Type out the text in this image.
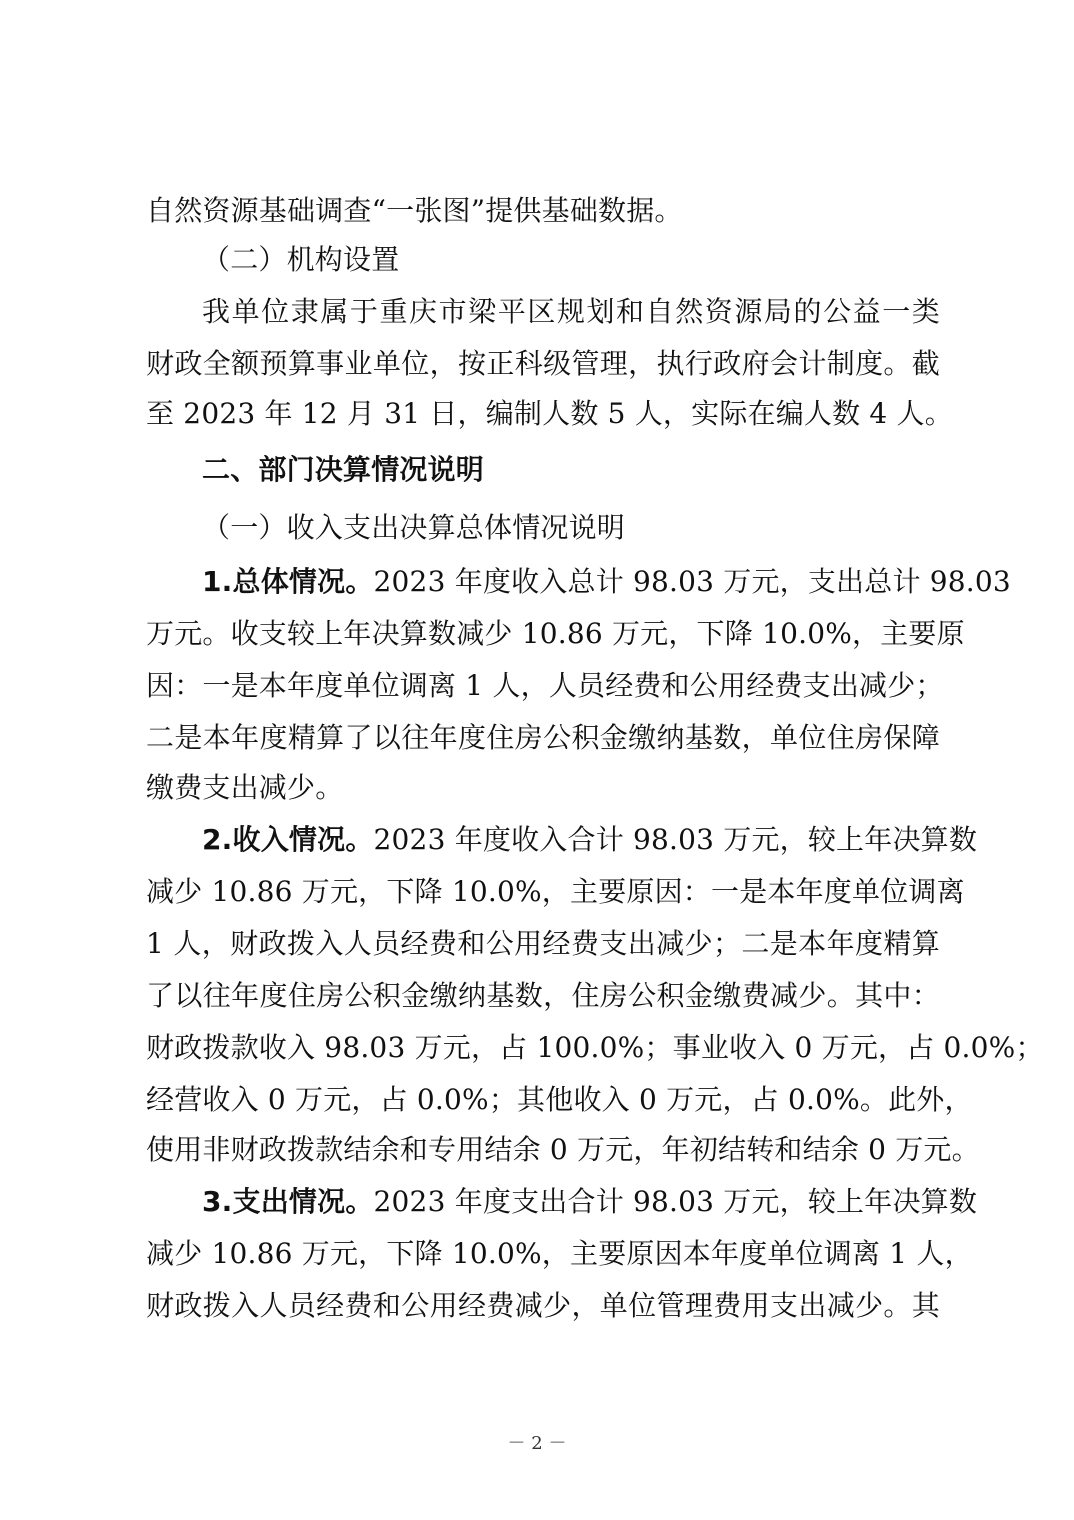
自然资源基础调查“一张图”提供基础数据。
（二）机构设置
我单位隶属于重庆市梁平区规划和自然资源局的公益一类
财政全额预算事业单位，按正科级管理，执行政府会计制度。截
至 2023 年 12 月 31 日，编制人数 5 人，实际在编人数 4 人。
二、部门决算情况说明
（一）收入支出决算总体情况说明
1.总体情况。2023 年度收入总计 98.03 万元，支出总计 98.03
万元。收支较上年决算数减少 10.86 万元，下降 10.0%，主要原
因：一是本年度单位调离 1 人，人员经费和公用经费支出减少；
二是本年度精算了以往年度住房公积金缴纳基数，单位住房保障
缴费支出减少。
2.收入情况。2023 年度收入合计 98.03 万元，较上年决算数
减少 10.86 万元，下降 10.0%，主要原因：一是本年度单位调离
1 人，财政拨入人员经费和公用经费支出减少；二是本年度精算
了以往年度住房公积金缴纳基数，住房公积金缴费减少。其中：
财政拨款收入 98.03 万元，占 100.0%；事业收入 0 万元，占 0.0%；
经营收入 0 万元，占 0.0%；其他收入 0 万元，占 0.0%。此外，
使用非财政拨款结余和专用结余 0 万元，年初结转和结余 0 万元。
3.支出情况。2023 年度支出合计 98.03 万元，较上年决算数
减少 10.86 万元，下降 10.0%，主要原因本年度单位调离 1 人，
财政拨入人员经费和公用经费减少，单位管理费用支出减少。其
－ 2 －
